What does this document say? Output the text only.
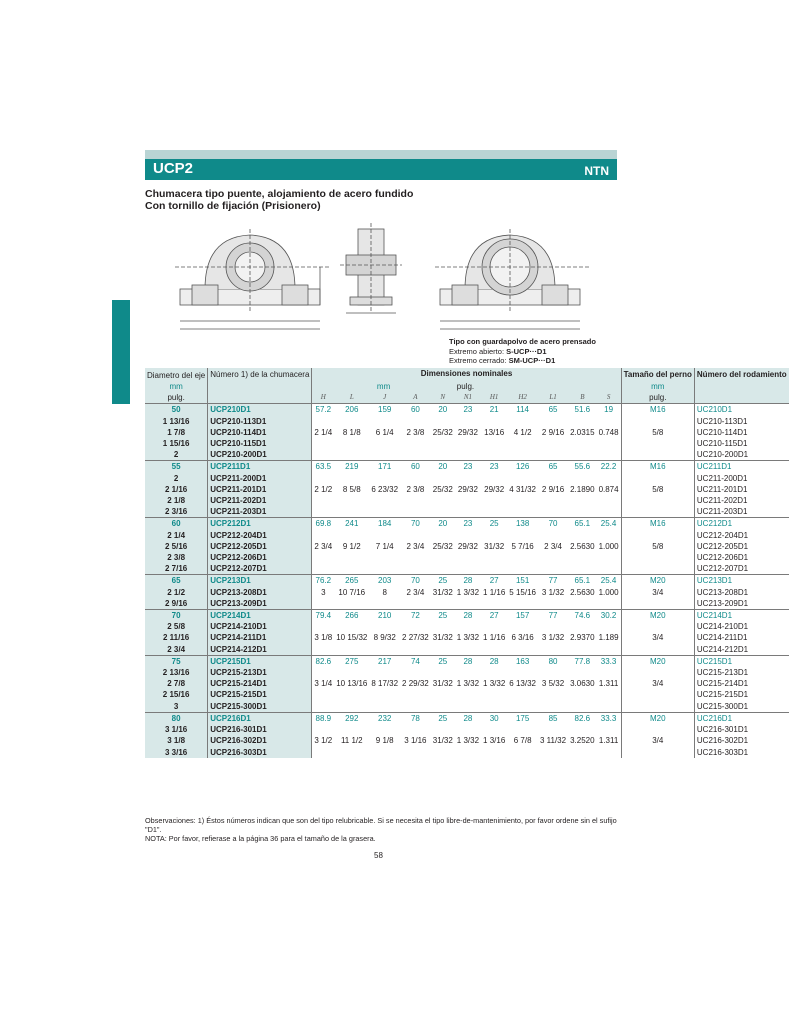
UCP2	NTN
Chumacera tipo puente, alojamiento de acero fundido
Con tornillo de fijación (Prisionero)
Tipo con guardapolvo de acero prensado
Extremo abierto: S-UCP···D1
Extremo cerrado: SM-UCP···D1
Diametro del eje	Número 1) de la chumacera	Dimensiones nominales											Tamaño del perno	Número del rodamiento
mm		mm					pulg.						mm	
pulg.		H	L	J	A	N	N1	H1	H2	L1	B	S	pulg.	
50	UCP210D1	57.2	206	159	60	20	23	21	114	65	51.6	19	M16	UC210D1
1 13/16	UCP210-113D1													UC210-113D1
1 7/8	UCP210-114D1	2 1/4	8 1/8	6 1/4	2 3/8	25/32	29/32	13/16	4 1/2	2 9/16	2.0315	0.748	5/8	UC210-114D1
1 15/16	UCP210-115D1													UC210-115D1
2	UCP210-200D1													UC210-200D1
55	UCP211D1	63.5	219	171	60	20	23	23	126	65	55.6	22.2	M16	UC211D1
2	UCP211-200D1													UC211-200D1
2 1/16	UCP211-201D1	2 1/2	8 5/8	6 23/32	2 3/8	25/32	29/32	29/32	4 31/32	2 9/16	2.1890	0.874	5/8	UC211-201D1
2 1/8	UCP211-202D1													UC211-202D1
2 3/16	UCP211-203D1													UC211-203D1
60	UCP212D1	69.8	241	184	70	20	23	25	138	70	65.1	25.4	M16	UC212D1
2 1/4	UCP212-204D1													UC212-204D1
2 5/16	UCP212-205D1	2 3/4	9 1/2	7 1/4	2 3/4	25/32	29/32	31/32	5 7/16	2 3/4	2.5630	1.000	5/8	UC212-205D1
2 3/8	UCP212-206D1													UC212-206D1
2 7/16	UCP212-207D1													UC212-207D1
65	UCP213D1	76.2	265	203	70	25	28	27	151	77	65.1	25.4	M20	UC213D1
2 1/2	UCP213-208D1	3	10 7/16	8	2 3/4	31/32	1 3/32	1 1/16	5 15/16	3 1/32	2.5630	1.000	3/4	UC213-208D1
2 9/16	UCP213-209D1													UC213-209D1
70	UCP214D1	79.4	266	210	72	25	28	27	157	77	74.6	30.2	M20	UC214D1
2 5/8	UCP214-210D1													UC214-210D1
2 11/16	UCP214-211D1	3 1/8	10 15/32	8 9/32	2 27/32	31/32	1 3/32	1 1/16	6 3/16	3 1/32	2.9370	1.189	3/4	UC214-211D1
2 3/4	UCP214-212D1													UC214-212D1
75	UCP215D1	82.6	275	217	74	25	28	28	163	80	77.8	33.3	M20	UC215D1
2 13/16	UCP215-213D1													UC215-213D1
2 7/8	UCP215-214D1	3 1/4	10 13/16	8 17/32	2 29/32	31/32	1 3/32	1 3/32	6 13/32	3 5/32	3.0630	1.311	3/4	UC215-214D1
2 15/16	UCP215-215D1													UC215-215D1
3	UCP215-300D1													UC215-300D1
80	UCP216D1	88.9	292	232	78	25	28	30	175	85	82.6	33.3	M20	UC216D1
3 1/16	UCP216-301D1													UC216-301D1
3 1/8	UCP216-302D1	3 1/2	11 1/2	9 1/8	3 1/16	31/32	1 3/32	1 3/16	6 7/8	3 11/32	3.2520	1.311	3/4	UC216-302D1
3 3/16	UCP216-303D1													UC216-303D1
Observaciones: 1) Éstos números indican que son del tipo relubricable. Si se necesita el tipo libre-de-mantenimiento, por favor ordene sin el sufijo "D1".
NOTA: Por favor, refierase a la página 36 para el tamaño de la grasera.
58
